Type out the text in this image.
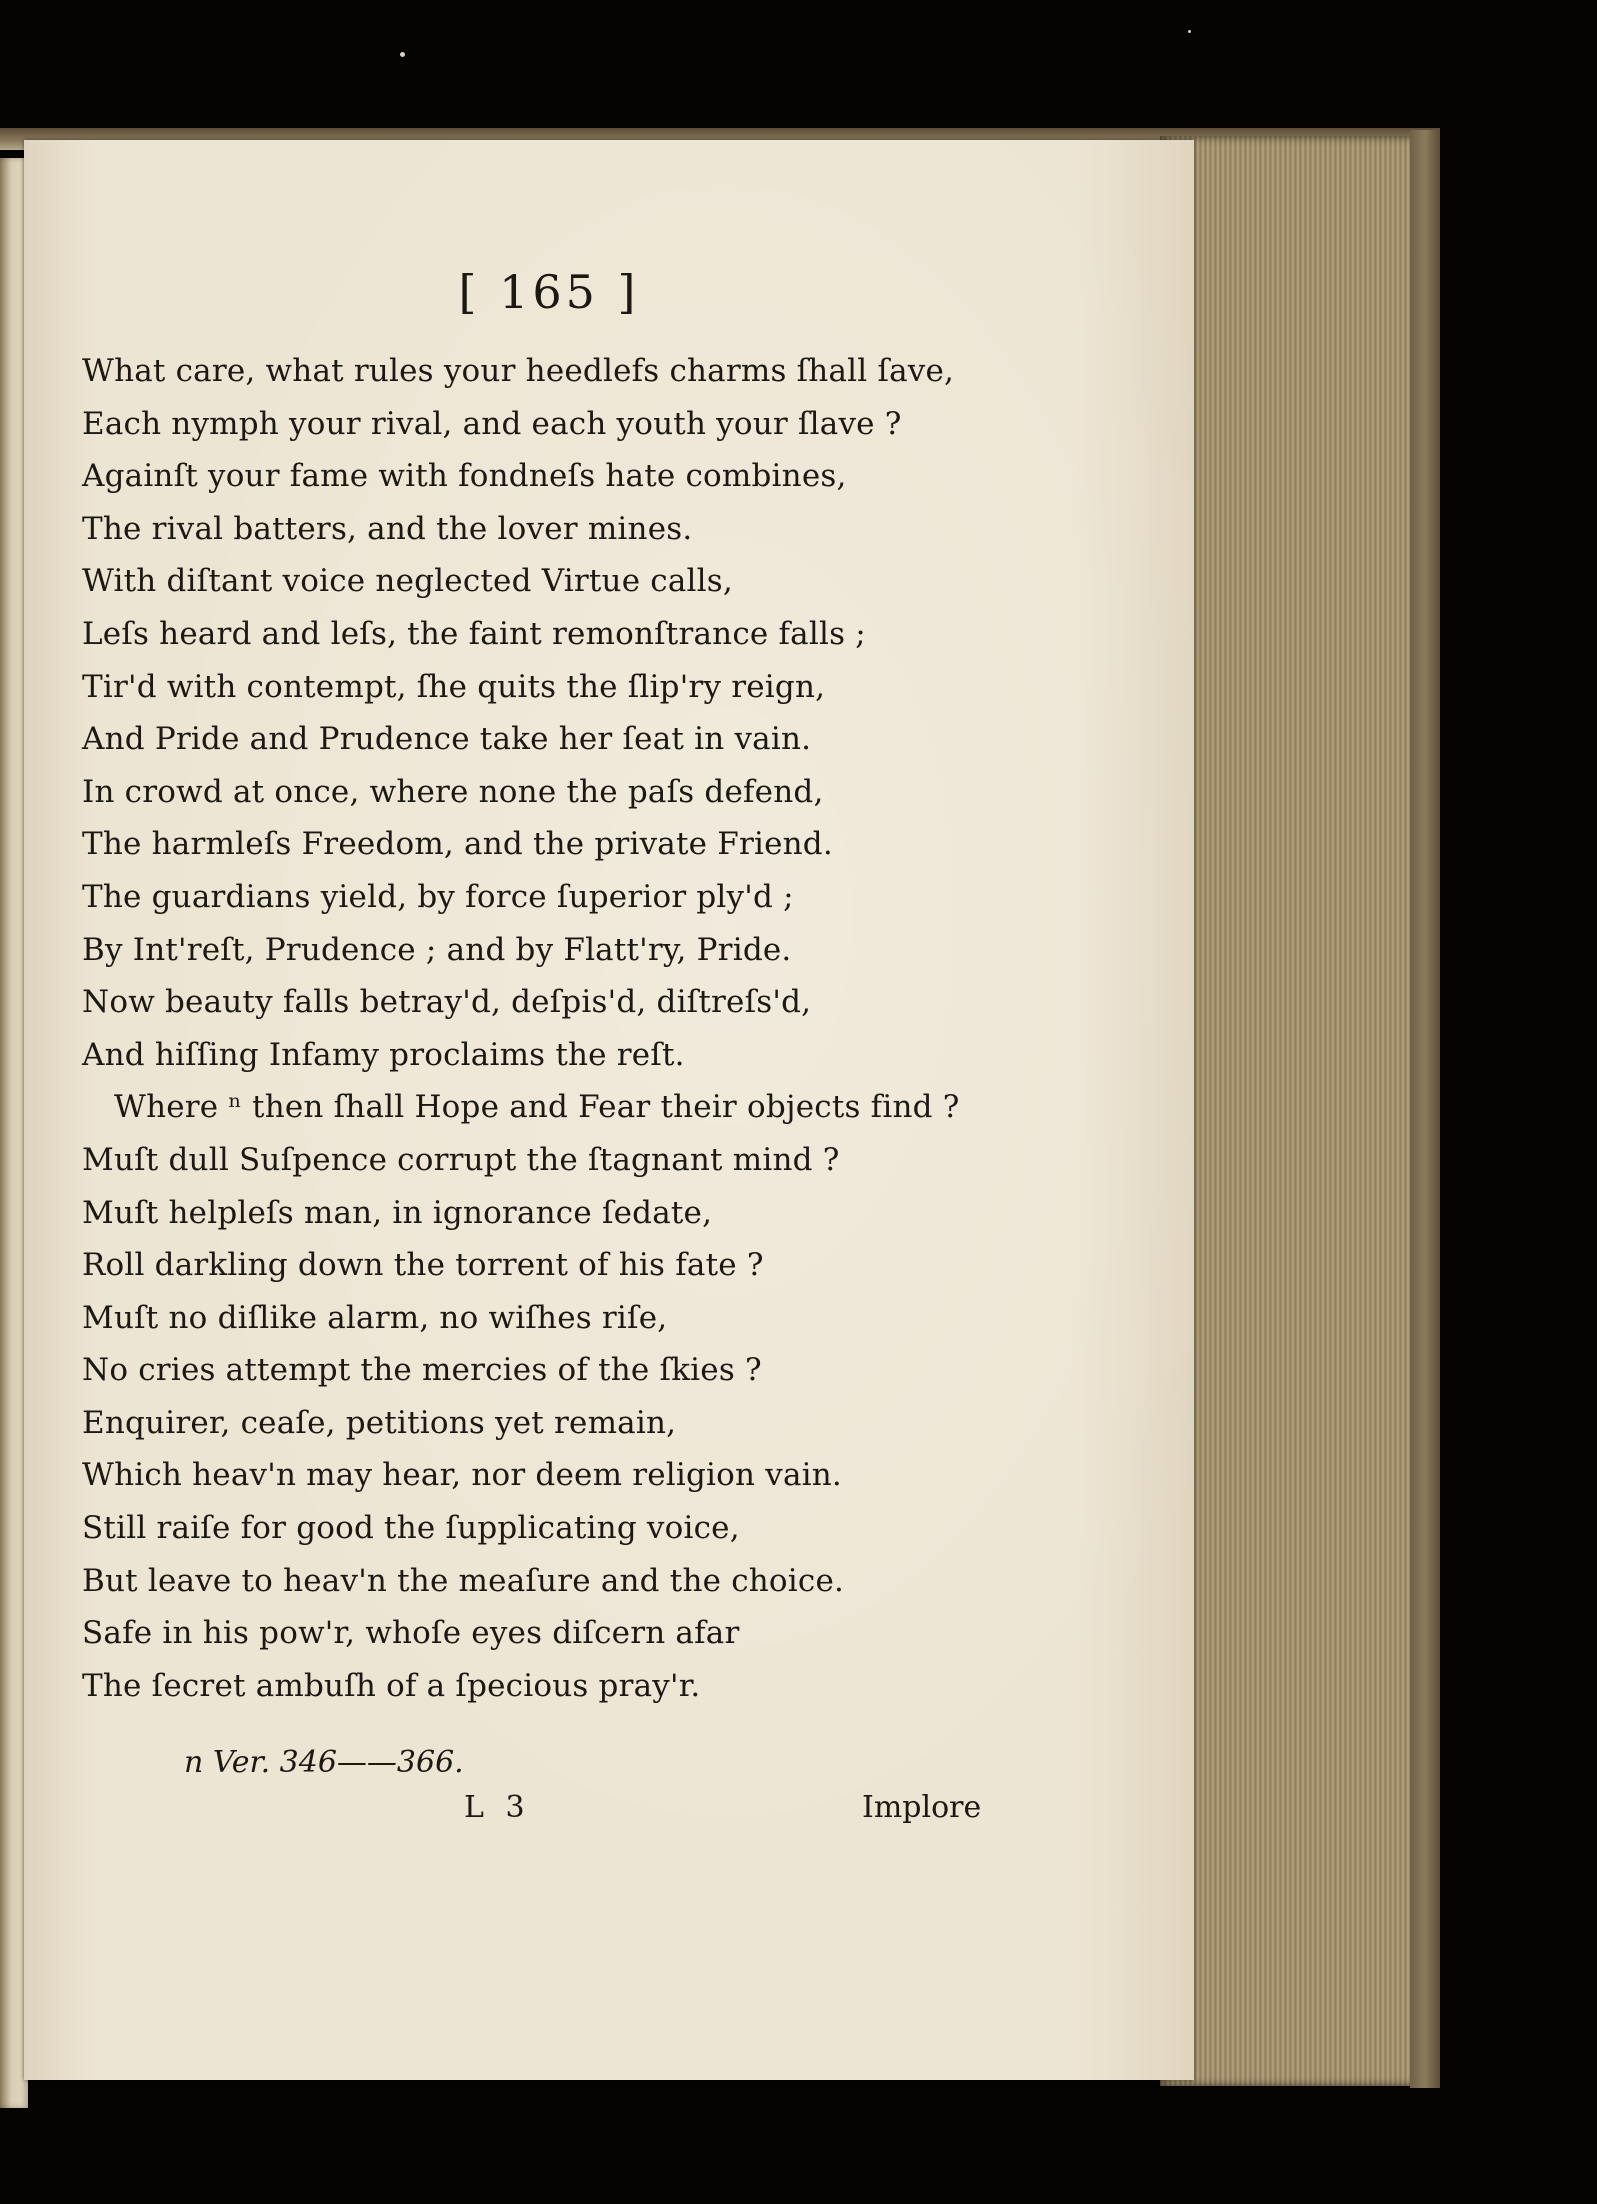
[ 165 ]
What care, what rules your heedlefs charms ſhall ſave,
Each nymph your rival, and each youth your ſlave ?
Againſt your fame with fondneſs hate combines,
The rival batters, and the lover mines.
With diſtant voice neglected Virtue calls,
Leſs heard and leſs, the faint remonſtrance falls ;
Tir'd with contempt, ſhe quits the ſlip'ry reign,
And Pride and Prudence take her ſeat in vain.
In crowd at once, where none the paſs defend,
The harmleſs Freedom, and the private Friend.
The guardians yield, by force ſuperior ply'd ;
By Int'reſt, Prudence ; and by Flatt'ry, Pride.
Now beauty falls betray'd, deſpis'd, diſtreſs'd,
And hiſſing Infamy proclaims the reſt.
Where ⁿ then ſhall Hope and Fear their objects find ?
Muſt dull Suſpence corrupt the ſtagnant mind ?
Muſt helpleſs man, in ignorance ſedate,
Roll darkling down the torrent of his fate ?
Muſt no diſlike alarm, no wiſhes riſe,
No cries attempt the mercies of the ſkies ?
Enquirer, ceaſe, petitions yet remain,
Which heav'n may hear, nor deem religion vain.
Still raiſe for good the ſupplicating voice,
But leave to heav'n the meaſure and the choice.
Safe in his pow'r, whoſe eyes diſcern afar
The ſecret ambuſh of a ſpecious pray'r.
n Ver. 346——366.
L 3	Implore
